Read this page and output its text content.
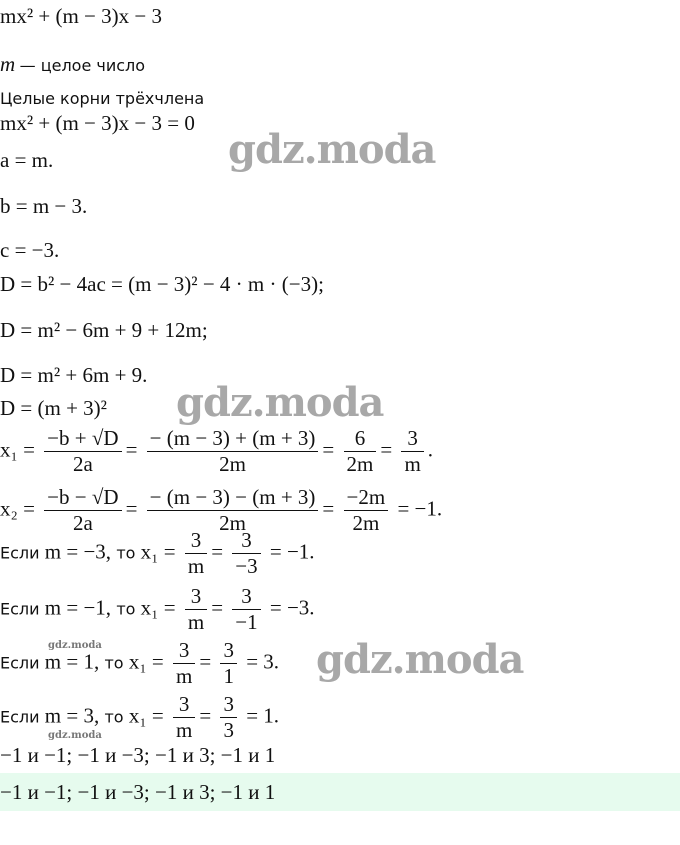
mx² + (m − 3)x − 3
m — целое число
Целые корни трёхчлена
mx² + (m − 3)x − 3 = 0
a = m.
b = m − 3.
c = −3.
D = b² − 4ac = (m − 3)² − 4 · m · (−3);
D = m² − 6m + 9 + 12m;
D = m² + 6m + 9.
D = (m + 3)²
$x_1 = \frac{-b + √D}{2a} = \frac{- (m - 3) + (m + 3)}{2m} = \frac{6}{2m} = \frac{3}{m}$ .
$x_2 = \frac{-b - √D}{2a} = \frac{- (m - 3) - (m + 3)}{2m} = \frac{-2m}{2m} = -1$.
Если m = −3, то $x_1 = \frac{3}{m} = \frac{3}{-3} = -1$.
Если m = −1, то $x_1 = \frac{3}{m} = \frac{3}{-1} = -3$.
Если m = 1, то $x_1 = \frac{3}{m} = \frac{3}{1} = 3$.
Если m = 3, то $x_1 = \frac{3}{m} = \frac{3}{3} = 1$.
−1 и −1; −1 и −3; −1 и 3; −1 и 1
−1 и −1; −1 и −3; −1 и 3; −1 и 1
gdz.moda
gdz.moda
gdz.moda
gdz.moda
gdz.moda
